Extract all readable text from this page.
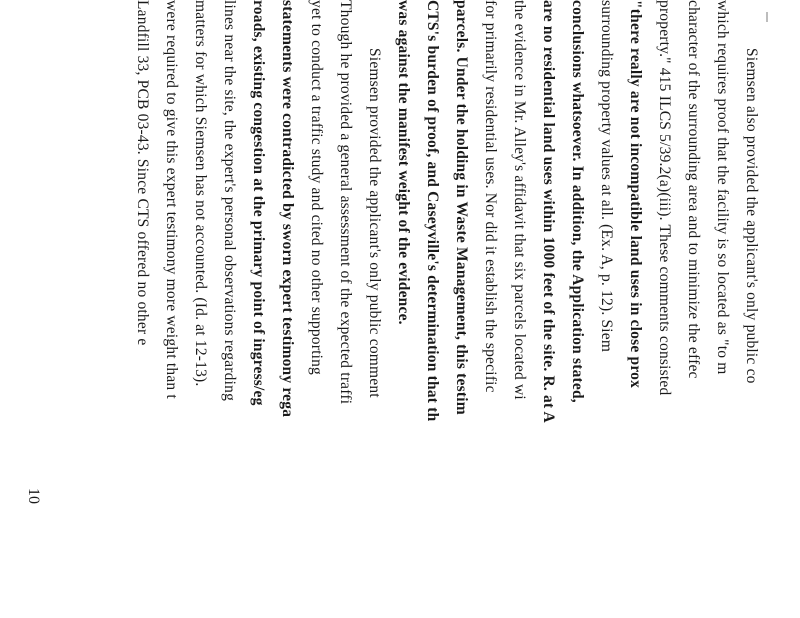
Siemsen also provided the applicant's only public co
which requires proof that the facility is so located as "to m
character of the surrounding area and to minimize the effec
property." 415 ILCS 5/39.2(a)(iii). These comments consisted
"there really are not incompatible land uses in close prox
surrounding property values at all. (Ex. A, p. 12). Siem
conclusions whatsoever. In addition, the Application stated,
are no residential land uses within 1000 feet of the site. R. at A
the evidence in Mr. Alley's affidavit that six parcels located wi
for primarily residential uses. Nor did it establish the specific
parcels. Under the holding in Waste Management, this testim
CTS's burden of proof, and Caseyville's determination that th
was against the manifest weight of the evidence.
Siemsen provided the applicant's only public comment
Though he provided a general assessment of the expected traffi
yet to conduct a traffic study and cited no other supporting
statements were contradicted by sworn expert testimony rega
roads, existing congestion at the primary point of ingress/eg
lines near the site, the expert's personal observations regarding
matters for which Siemsen has not accounted. (Id. at 12-13).
were required to give this expert testimony more weight than t
Landfill 33, PCB 03-43. Since CTS offered no other e
10
